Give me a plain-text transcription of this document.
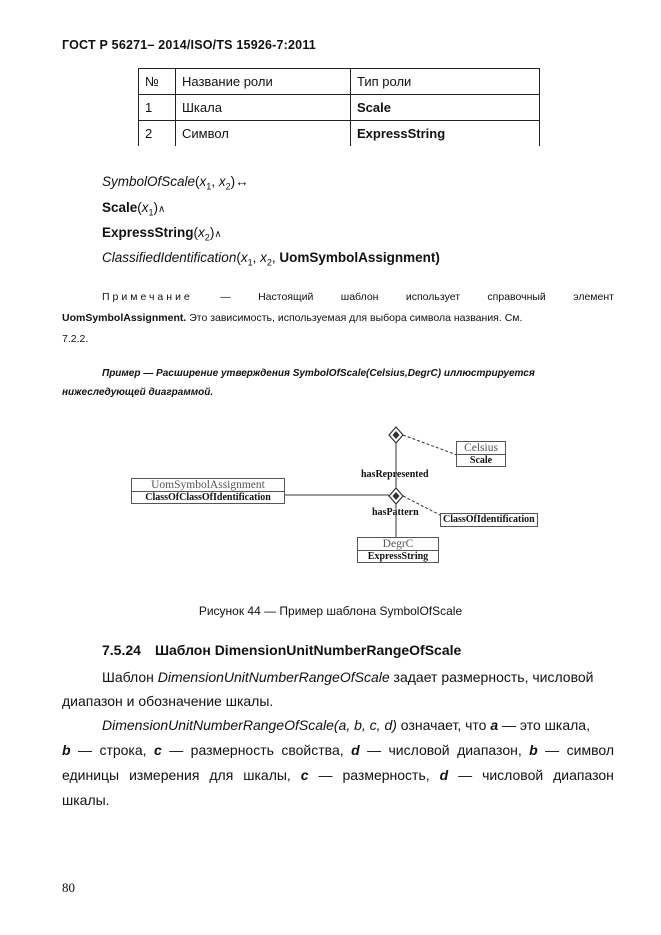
ГОСТ Р 56271– 2014/ISO/TS 15926-7:2011
№	Название роли	Тип роли
1	Шкала	Scale
2	Символ	ExpressString
$SymbolOfScale(x_1$, $x_2)\leftrightarrow$
$Scale(x_1)\wedge$
$ExpressString(x_2)\wedge$
$ClassifiedIdentification(x_1$, $x_2$, UomSymbolAssignment)
Примечание	—	Настоящий	шаблон	использует	справочный	элемент
UomSymbolAssignment. Это зависимость, используемая для выбора символа названия. См.
7.2.2.
Пример — Расширение утверждения SymbolOfScale(Celsius,DegrC) иллюстрируется
нижеследующей диаграммой.
hasRepresented
hasPattern
UomSymbolAssignment
ClassOfClassOfIdentification
Celsius
Scale
ClassOfIdentification
DegrC
ExpressString
Рисунок 44 — Пример шаблона SymbolOfScale
7.5.24 Шаблон DimensionUnitNumberRangeOfScale
Шаблон DimensionUnitNumberRangeOfScale задает размерность, числовой
диапазон и обозначение шкалы.
DimensionUnitNumberRangeOfScale(a, b, c, d) означает, что a — это шкала,
b — строка, c — размерность свойства, d — числовой диапазон, b — символ
единицы измерения для шкалы, c — размерность, d — числовой диапазон
шкалы.
80
